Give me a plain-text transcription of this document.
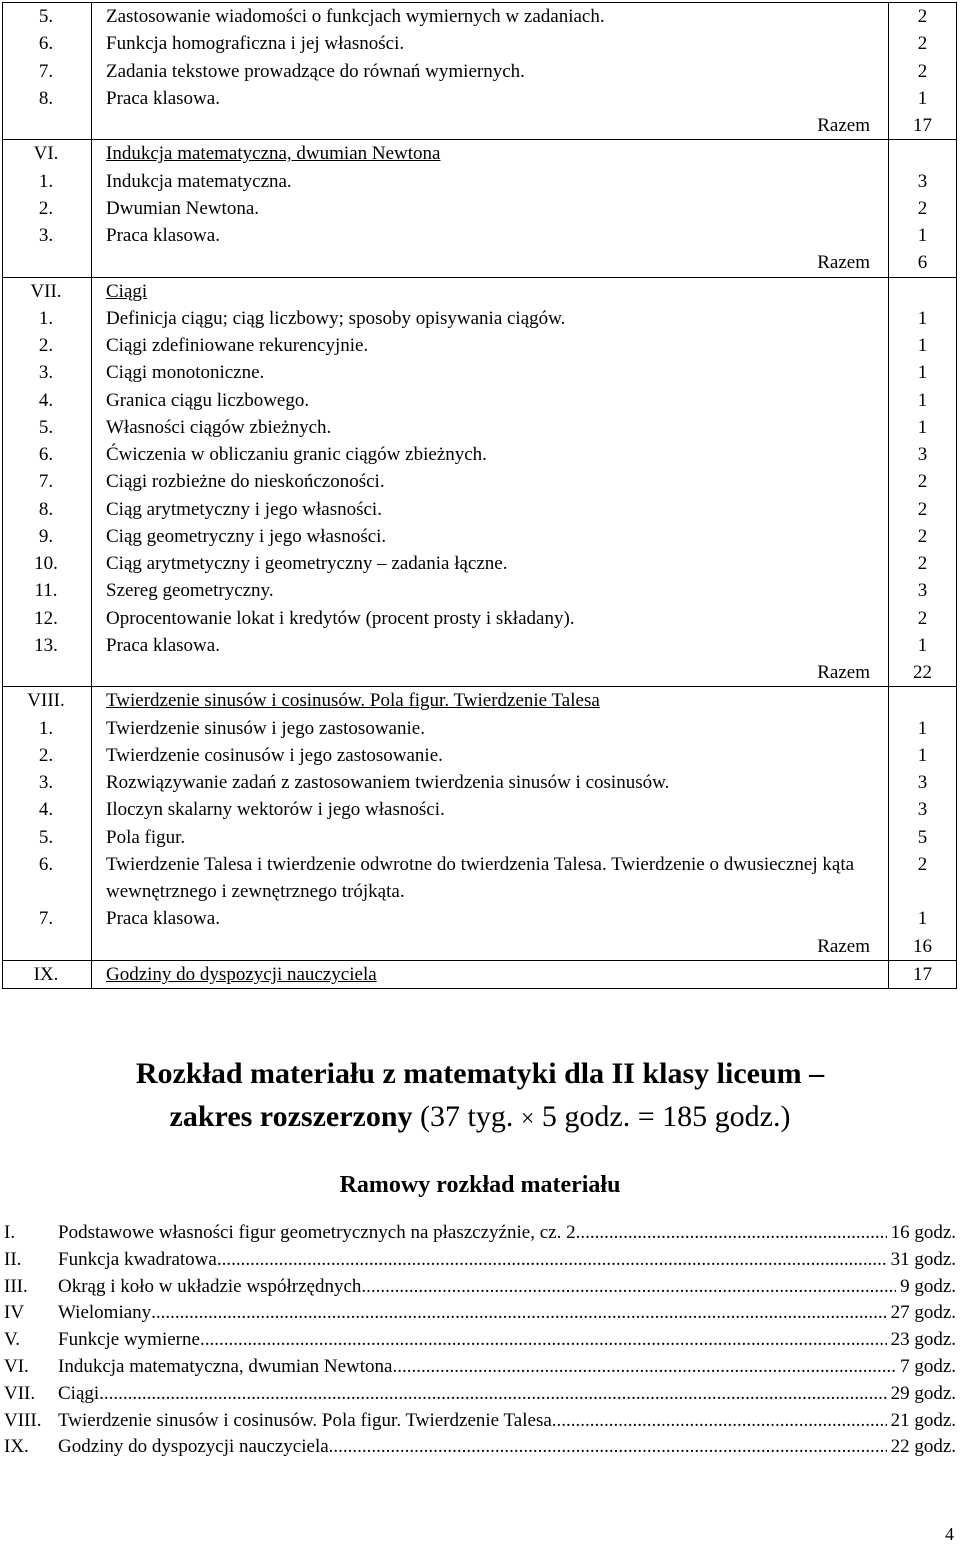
5.	Zastosowanie wiadomości o funkcjach wymiernych w zadaniach.	2
6.	Funkcja homograficzna i jej własności.	2
7.	Zadania tekstowe prowadzące do równań wymiernych.	2
8.	Praca klasowa.	1
	Razem	17
VI.	Indukcja matematyczna, dwumian Newtona	
1.	Indukcja matematyczna.	3
2.	Dwumian Newtona.	2
3.	Praca klasowa.	1
	Razem	6
VII.	Ciągi	
1.	Definicja ciągu; ciąg liczbowy; sposoby opisywania ciągów.	1
2.	Ciągi zdefiniowane rekurencyjnie.	1
3.	Ciągi monotoniczne.	1
4.	Granica ciągu liczbowego.	1
5.	Własności ciągów zbieżnych.	1
6.	Ćwiczenia w obliczaniu granic ciągów zbieżnych.	3
7.	Ciągi rozbieżne do nieskończoności.	2
8.	Ciąg arytmetyczny i jego własności.	2
9.	Ciąg geometryczny i jego własności.	2
10.	Ciąg arytmetyczny i geometryczny – zadania łączne.	2
11.	Szereg geometryczny.	3
12.	Oprocentowanie lokat i kredytów (procent prosty i składany).	2
13.	Praca klasowa.	1
	Razem	22
VIII.	Twierdzenie sinusów i cosinusów. Pola figur. Twierdzenie Talesa	
1.	Twierdzenie sinusów i jego zastosowanie.	1
2.	Twierdzenie cosinusów i jego zastosowanie.	1
3.	Rozwiązywanie zadań z zastosowaniem twierdzenia sinusów i cosinusów.	3
4.	Iloczyn skalarny wektorów i jego własności.	3
5.	Pola figur.	5
6.	Twierdzenie Talesa i twierdzenie odwrotne do twierdzenia Talesa. Twierdzenie o dwusiecznej kąta wewnętrznego i zewnętrznego trójkąta.	2
7.	Praca klasowa.	1
	Razem	16
IX.	Godziny do dyspozycji nauczyciela	17
Rozkład materiału z matematyki dla II klasy liceum –
zakres rozszerzony (37 tyg. × 5 godz. = 185 godz.)
Ramowy rozkład materiału
I.	Podstawowe własności figur geometrycznych na płaszczyźnie, cz. 2 .....	16 godz.
II.	Funkcja kwadratowa .....	31 godz.
III.	Okrąg i koło w układzie współrzędnych .....	9 godz.
IV	Wielomiany .....	27 godz.
V.	Funkcje wymierne .....	23 godz.
VI.	Indukcja matematyczna, dwumian Newtona .....	7 godz.
VII.	Ciągi .....	29 godz.
VIII. Twierdzenie sinusów i cosinusów. Pola figur. Twierdzenie Talesa .....	21 godz.
IX.	Godziny do dyspozycji nauczyciela .....	22 godz.
4
